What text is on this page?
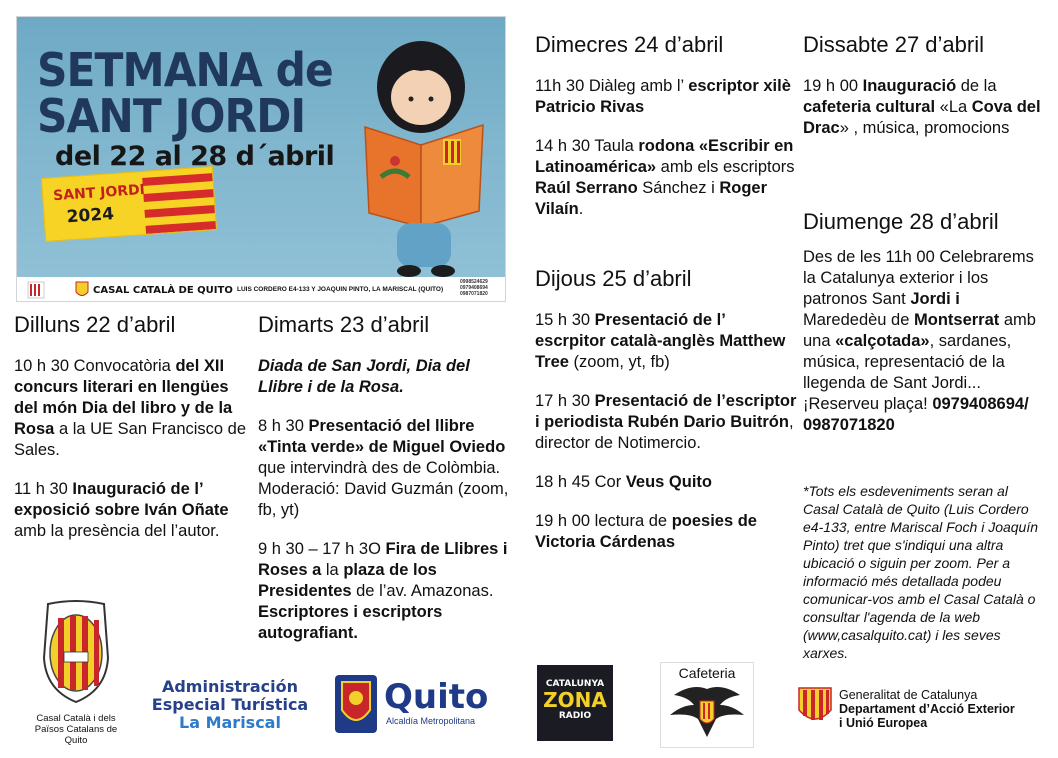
SETMANA de
SANT JORDI
del 22 al 28 d´abril
SANT JORDI
2024
CASAL CATALÀ DE QUITO LUIS CORDERO E4-133 Y JOAQUIN PINTO, LA MARISCAL (QUITO)
0998524629
0979408694
0987071820
Dilluns 22 d’abril
10 h 30 Convocatòria del XII concurs literari en llengües del món Dia del libro y de la Rosa a la UE San Francisco de Sales.
11 h 30 Inauguració de l’ exposició sobre Iván Oñate amb la presència del l’autor.
Dimarts 23 d’abril
Diada de San Jordi, Dia del Llibre i de la Rosa.
8 h 30 Presentació del llibre «Tinta verde» de Miguel Oviedo que intervindrà des de Colòmbia. Moderació: David Guzmán (zoom, fb, yt)
9 h 30 – 17 h 3O Fira de Llibres i Roses a la plaza de los Presidentes de l’av. Amazonas. Escriptores i escriptors autografiant.
Dimecres 24 d’abril
11h 30 Diàleg amb l’ escriptor xilè Patricio Rivas
14 h 30 Taula rodona «Escribir en Latinoamérica» amb els escriptors Raúl Serrano Sánchez i Roger Vilaín.
Dijous 25 d’abril
15 h 30 Presentació de l’ escrpitor català-anglès Matthew Tree (zoom, yt, fb)
17 h 30 Presentació de l’escriptor i periodista Rubén Dario Buitrón, director de Notimercio.
18 h 45 Cor Veus Quito
19 h 00 lectura de poesies de Victoria Cárdenas
Dissabte 27 d’abril
19 h 00 Inauguració de la cafeteria cultural «La Cova del Drac» , música, promocions
Diumenge 28 d’abril
Des de les 11h 00 Celebrarems la Catalunya exterior i los patronos Sant Jordi i Marededèu de Montserrat amb una «calçotada», sardanes, música, representació de la llegenda de Sant Jordi... ¡Reserveu plaça! 0979408694/ 0987071820
*Tots els esdeveniments seran al Casal Català de Quito (Luis Cordero e4-133, entre Mariscal Foch i Joaquín Pinto) tret que s'indiqui una altra ubicació o siguin per zoom. Per a informació més detallada podeu comunicar-vos amb el Casal Català o consultar l'agenda de la web (www,casalquito.cat) i les seves xarxes.
Casal Català i dels Països Catalans de Quito
Administración
Especial Turística
La Mariscal
Quito
Alcaldía Metropolitana
CATALUNYA
ZONA
RADIO
Cafeteria
Generalitat de Catalunya
Departament d’Acció Exterior
i Unió Europea
